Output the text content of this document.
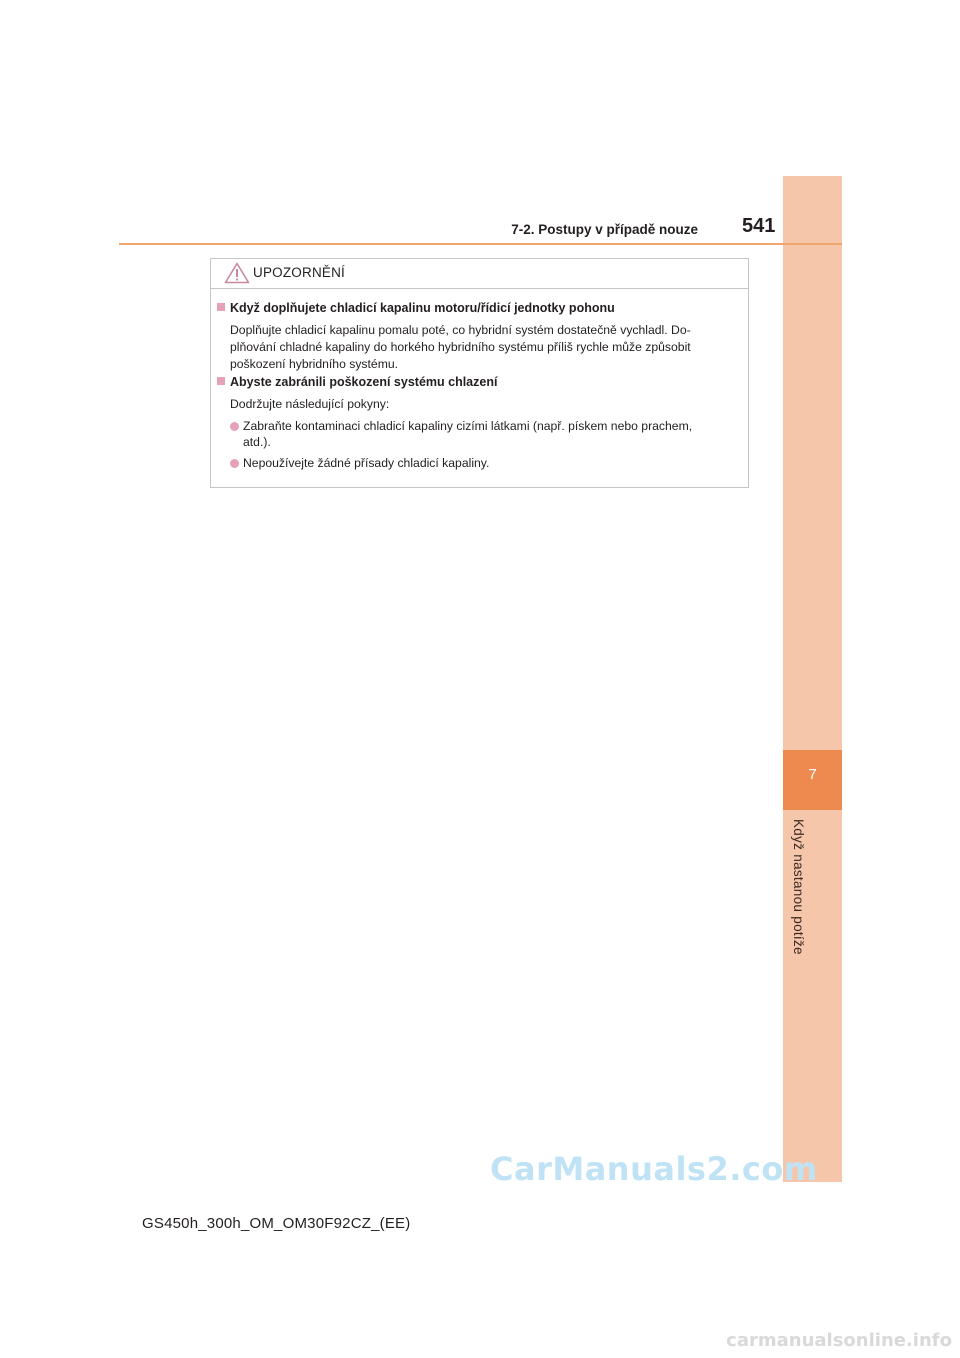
7
Když nastanou potíže
7-2. Postupy v případě nouze 541
UPOZORNĚNÍ
Když doplňujete chladicí kapalinu motoru/řídicí jednotky pohonu
Doplňujte chladicí kapalinu pomalu poté, co hybridní systém dostatečně vychladl. Do-
plňování chladné kapaliny do horkého hybridního systému příliš rychle může způsobit
poškození hybridního systému.
Abyste zabránili poškození systému chlazení
Dodržujte následující pokyny:
Zabraňte kontaminaci chladicí kapaliny cizími látkami (např. pískem nebo prachem,
atd.).
Nepoužívejte žádné přísady chladicí kapaliny.
GS450h_300h_OM_OM30F92CZ_(EE)
CarManuals2.com
carmanualsonline.info
